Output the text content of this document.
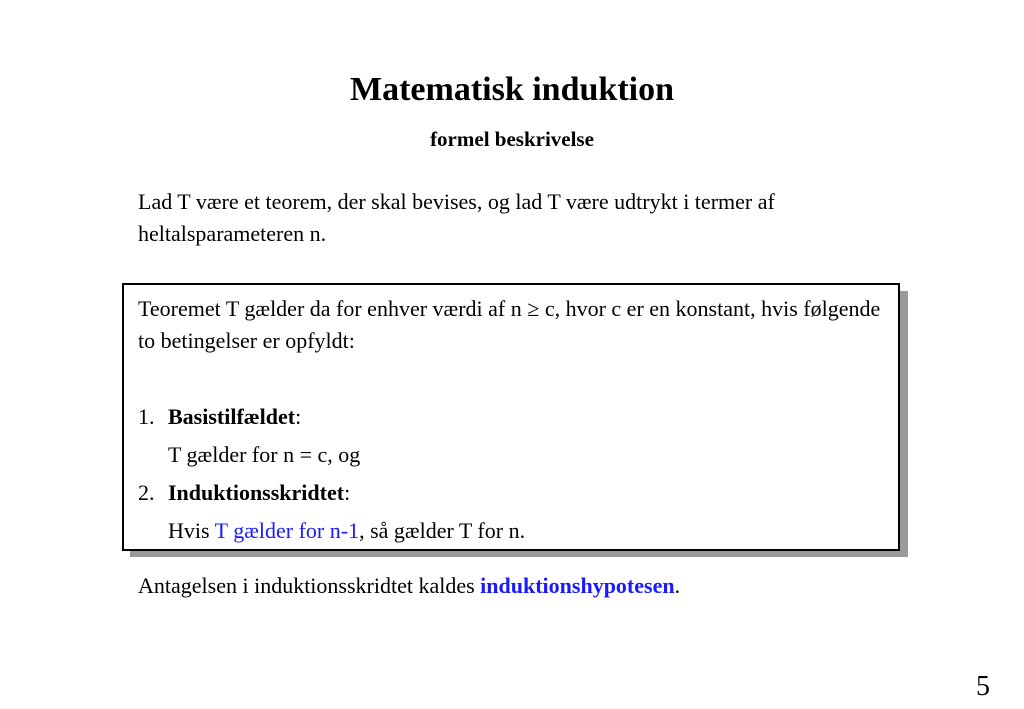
Matematisk induktion
formel beskrivelse
Lad T være et teorem, der skal bevises, og lad T være udtrykt i termer af heltalsparameteren n.
Teoremet T gælder da for enhver værdi af n ≥ c, hvor c er en konstant, hvis følgende to betingelser er opfyldt:
1. Basistilfældet:
T gælder for n = c, og
2. Induktionsskridtet:
Hvis T gælder for n-1, så gælder T for n.
Antagelsen i induktionsskridtet kaldes induktionshypotesen.
5
